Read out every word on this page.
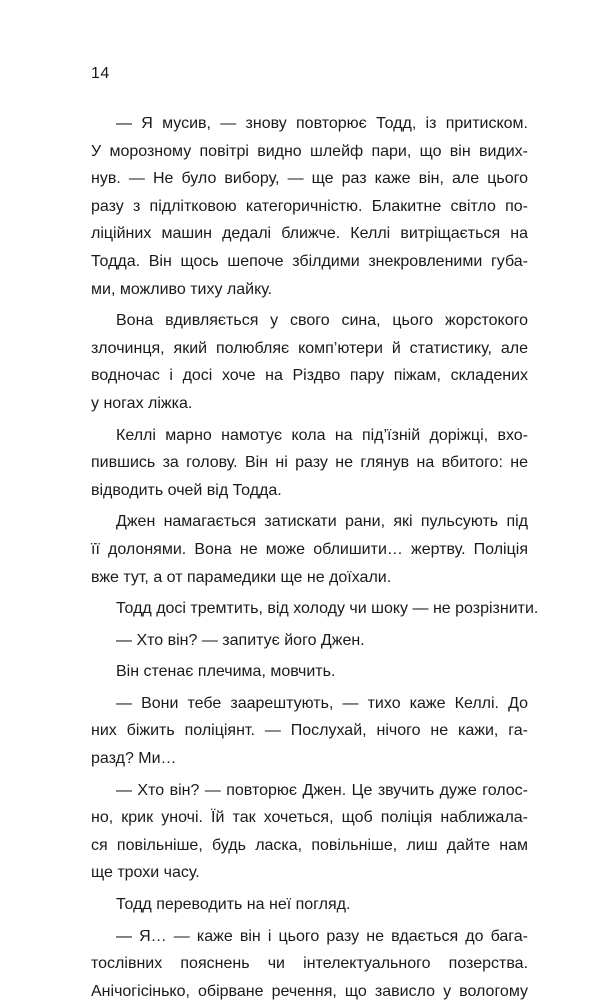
14
— Я мусив, — знову повторює Тодд, із притиском.
У морозному повітрі видно шлейф пари, що він видих-
нув. — Не було вибору, — ще раз каже він, але цього
разу з підлітковою категоричністю. Блакитне світло по-
ліційних машин дедалі ближче. Келлі витріщається на
Тодда. Він щось шепоче збілдими знекровленими губа-
ми, можливо тиху лайку.
Вона вдивляється у свого сина, цього жорстокого
злочинця, який полюбляє комп’ютери й статистику, але
водночас і досі хоче на Різдво пару піжам, складених
у ногах ліжка.
Келлі марно намотує кола на під’їзній доріжці, вхо-
пившись за голову. Він ні разу не глянув на вбитого: не
відводить очей від Тодда.
Джен намагається затискати рани, які пульсують під
її долонями. Вона не може облишити… жертву. Поліція
вже тут, а от парамедики ще не доїхали.
Тодд досі тремтить, від холоду чи шоку — не розрізнити.
— Хто він? — запитує його Джен.
Він стенає плечима, мовчить.
— Вони тебе заарештують, — тихо каже Келлі. До
них біжить поліціянт. — Послухай, нічого не кажи, га-
разд? Ми…
— Хто він? — повторює Джен. Це звучить дуже голос-
но, крик уночі. Їй так хочеться, щоб поліція наближала-
ся повільніше, будь ласка, повільніше, лиш дайте нам
ще трохи часу.
Тодд переводить на неї погляд.
— Я… — каже він і цього разу не вдається до бага-
тослівних пояснень чи інтелектуального позерства.
Анічогісінько, обірване речення, що зависло у вологому
